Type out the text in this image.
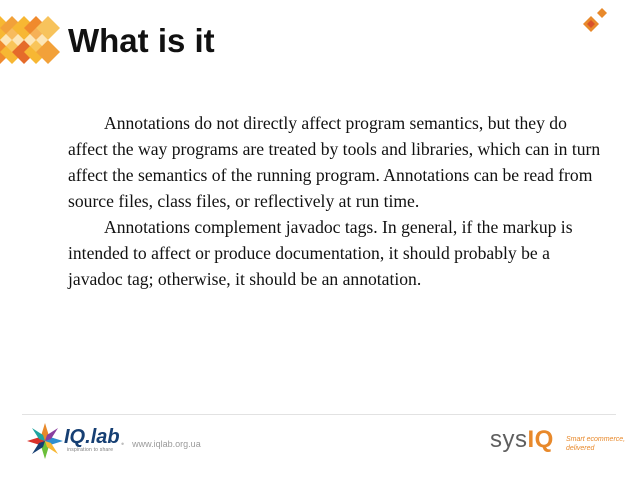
What is it

Annotations do not directly affect program semantics, but they do affect the way programs are treated by tools and libraries, which can in turn affect the semantics of the running program. Annotations can be read from source files, class files, or reflectively at run time.

Annotations complement javadoc tags. In general, if the markup is intended to affect or produce documentation, it should probably be a javadoc tag; otherwise, it should be an annotation.

IQ.lab
inspiration to share
• www.iqlab.org.ua	sysIQ Smart ecommerce,
delivered
